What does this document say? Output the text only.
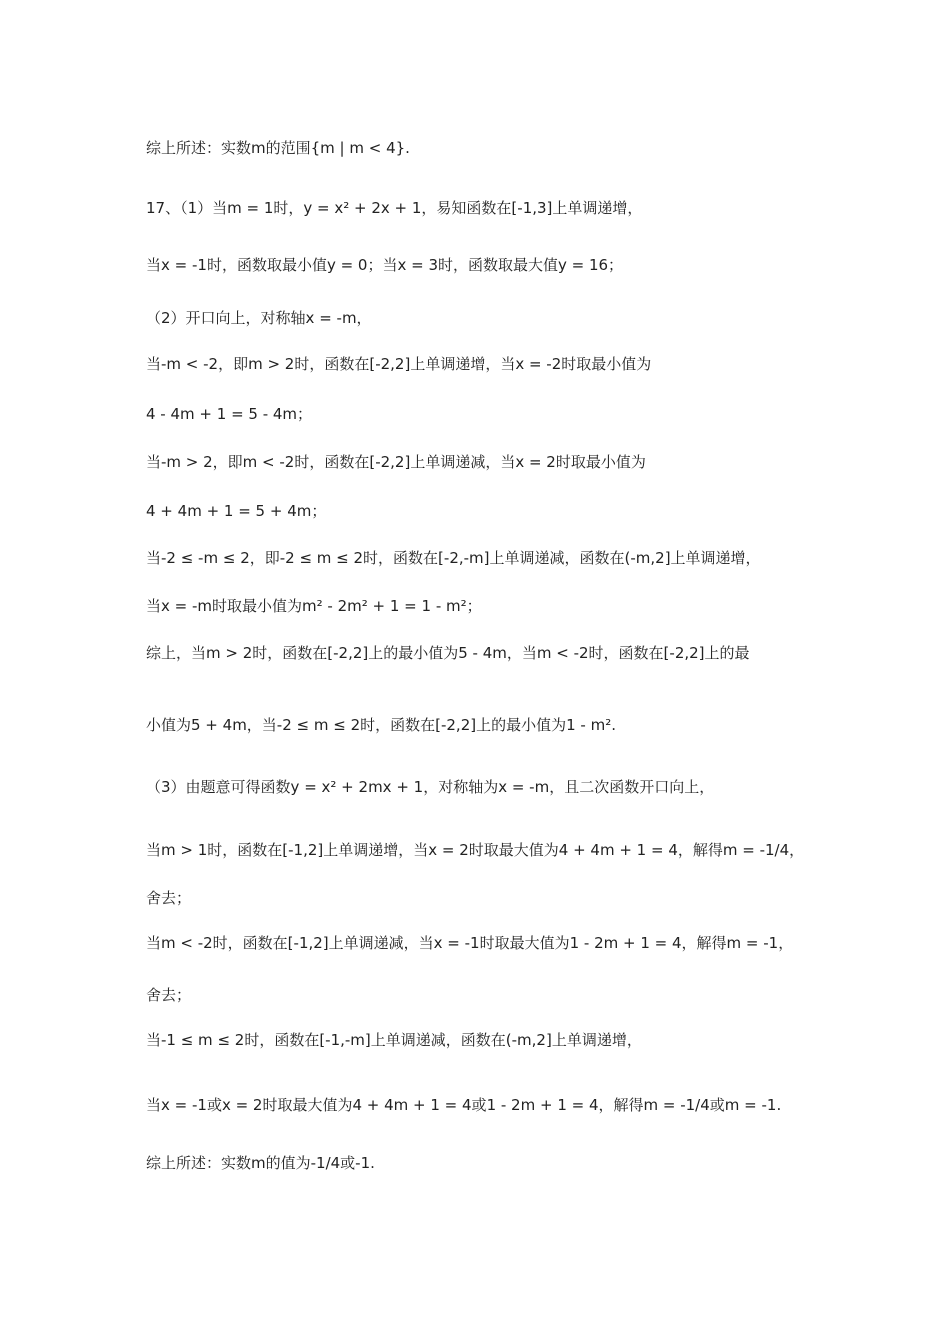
综上所述：实数m的范围{m | m < 4}.
17、（1）当m = 1时，y = x² + 2x + 1，易知函数在[-1,3]上单调递增，
当x = -1时，函数取最小值y = 0；当x = 3时，函数取最大值y = 16；
（2）开口向上，对称轴x = -m，
当-m < -2，即m > 2时，函数在[-2,2]上单调递增，当x = -2时取最小值为
4 - 4m + 1 = 5 - 4m；
当-m > 2，即m < -2时，函数在[-2,2]上单调递减，当x = 2时取最小值为
4 + 4m + 1 = 5 + 4m；
当-2 ≤ -m ≤ 2，即-2 ≤ m ≤ 2时，函数在[-2,-m]上单调递减，函数在(-m,2]上单调递增，
当x = -m时取最小值为m² - 2m² + 1 = 1 - m²；
综上，当m > 2时，函数在[-2,2]上的最小值为5 - 4m，当m < -2时，函数在[-2,2]上的最
小值为5 + 4m，当-2 ≤ m ≤ 2时，函数在[-2,2]上的最小值为1 - m².
（3）由题意可得函数y = x² + 2mx + 1，对称轴为x = -m，且二次函数开口向上，
当m > 1时，函数在[-1,2]上单调递增，当x = 2时取最大值为4 + 4m + 1 = 4，解得m = -1/4，
舍去；
当m < -2时，函数在[-1,2]上单调递减，当x = -1时取最大值为1 - 2m + 1 = 4，解得m = -1，
舍去；
当-1 ≤ m ≤ 2时，函数在[-1,-m]上单调递减，函数在(-m,2]上单调递增，
当x = -1或x = 2时取最大值为4 + 4m + 1 = 4或1 - 2m + 1 = 4，解得m = -1/4或m = -1.
综上所述：实数m的值为-1/4或-1.
